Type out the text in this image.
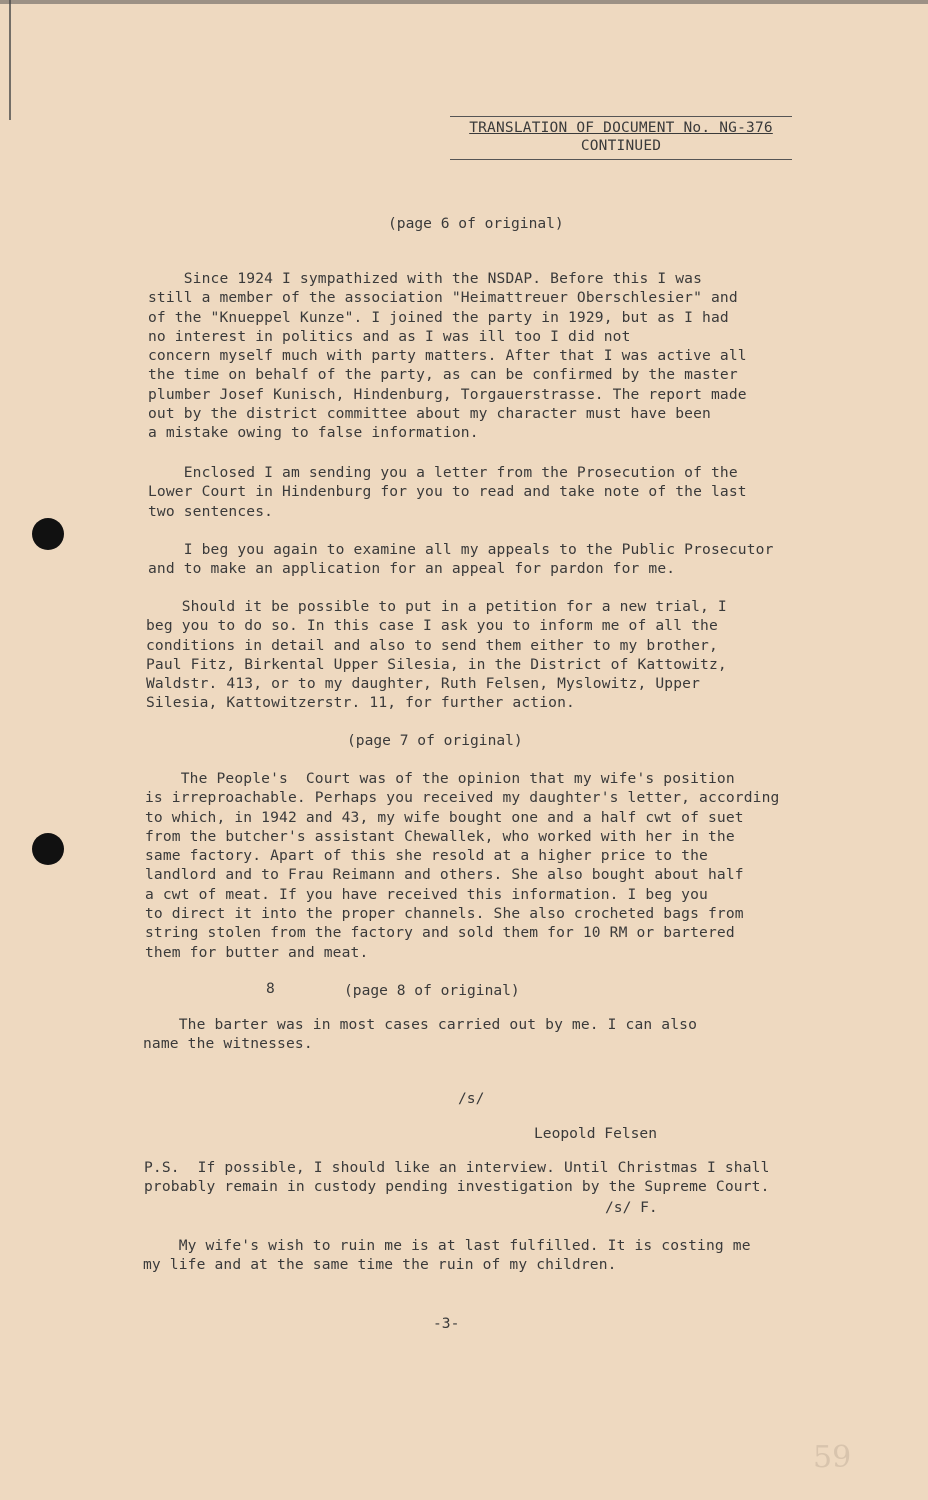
TRANSLATION OF DOCUMENT No. NG-376
CONTINUED
(page 6 of original)
Since 1924 I sympathized with the NSDAP. Before this I was
still a member of the association "Heimattreuer Oberschlesier" and
of the "Knueppel Kunze". I joined the party in 1929, but as I had
no interest in politics and as I was ill too I did not
concern myself much with party matters. After that I was active all
the time on behalf of the party, as can be confirmed by the master
plumber Josef Kunisch, Hindenburg, Torgauerstrasse. The report made
out by the district committee about my character must have been
a mistake owing to false information.
Enclosed I am sending you a letter from the Prosecution of the
Lower Court in Hindenburg for you to read and take note of the last
two sentences.
I beg you again to examine all my appeals to the Public Prosecutor
and to make an application for an appeal for pardon for me.
Should it be possible to put in a petition for a new trial, I
beg you to do so. In this case I ask you to inform me of all the
conditions in detail and also to send them either to my brother,
Paul Fitz, Birkental Upper Silesia, in the District of Kattowitz,
Waldstr. 413, or to my daughter, Ruth Felsen, Myslowitz, Upper
Silesia, Kattowitzerstr. 11, for further action.
(page 7 of original)
The People's  Court was of the opinion that my wife's position
is irreproachable. Perhaps you received my daughter's letter, according
to which, in 1942 and 43, my wife bought one and a half cwt of suet
from the butcher's assistant Chewallek, who worked with her in the
same factory. Apart of this she resold at a higher price to the
landlord and to Frau Reimann and others. She also bought about half
a cwt of meat. If you have received this information. I beg you
to direct it into the proper channels. She also crocheted bags from
string stolen from the factory and sold them for 10 RM or bartered
them for butter and meat.
8	(page 8 of original)
The barter was in most cases carried out by me. I can also
name the witnesses.
/s/
Leopold Felsen
P.S.  If possible, I should like an interview. Until Christmas I shall
probably remain in custody pending investigation by the Supreme Court.
/s/ F.
My wife's wish to ruin me is at last fulfilled. It is costing me
my life and at the same time the ruin of my children.
-3-
59
